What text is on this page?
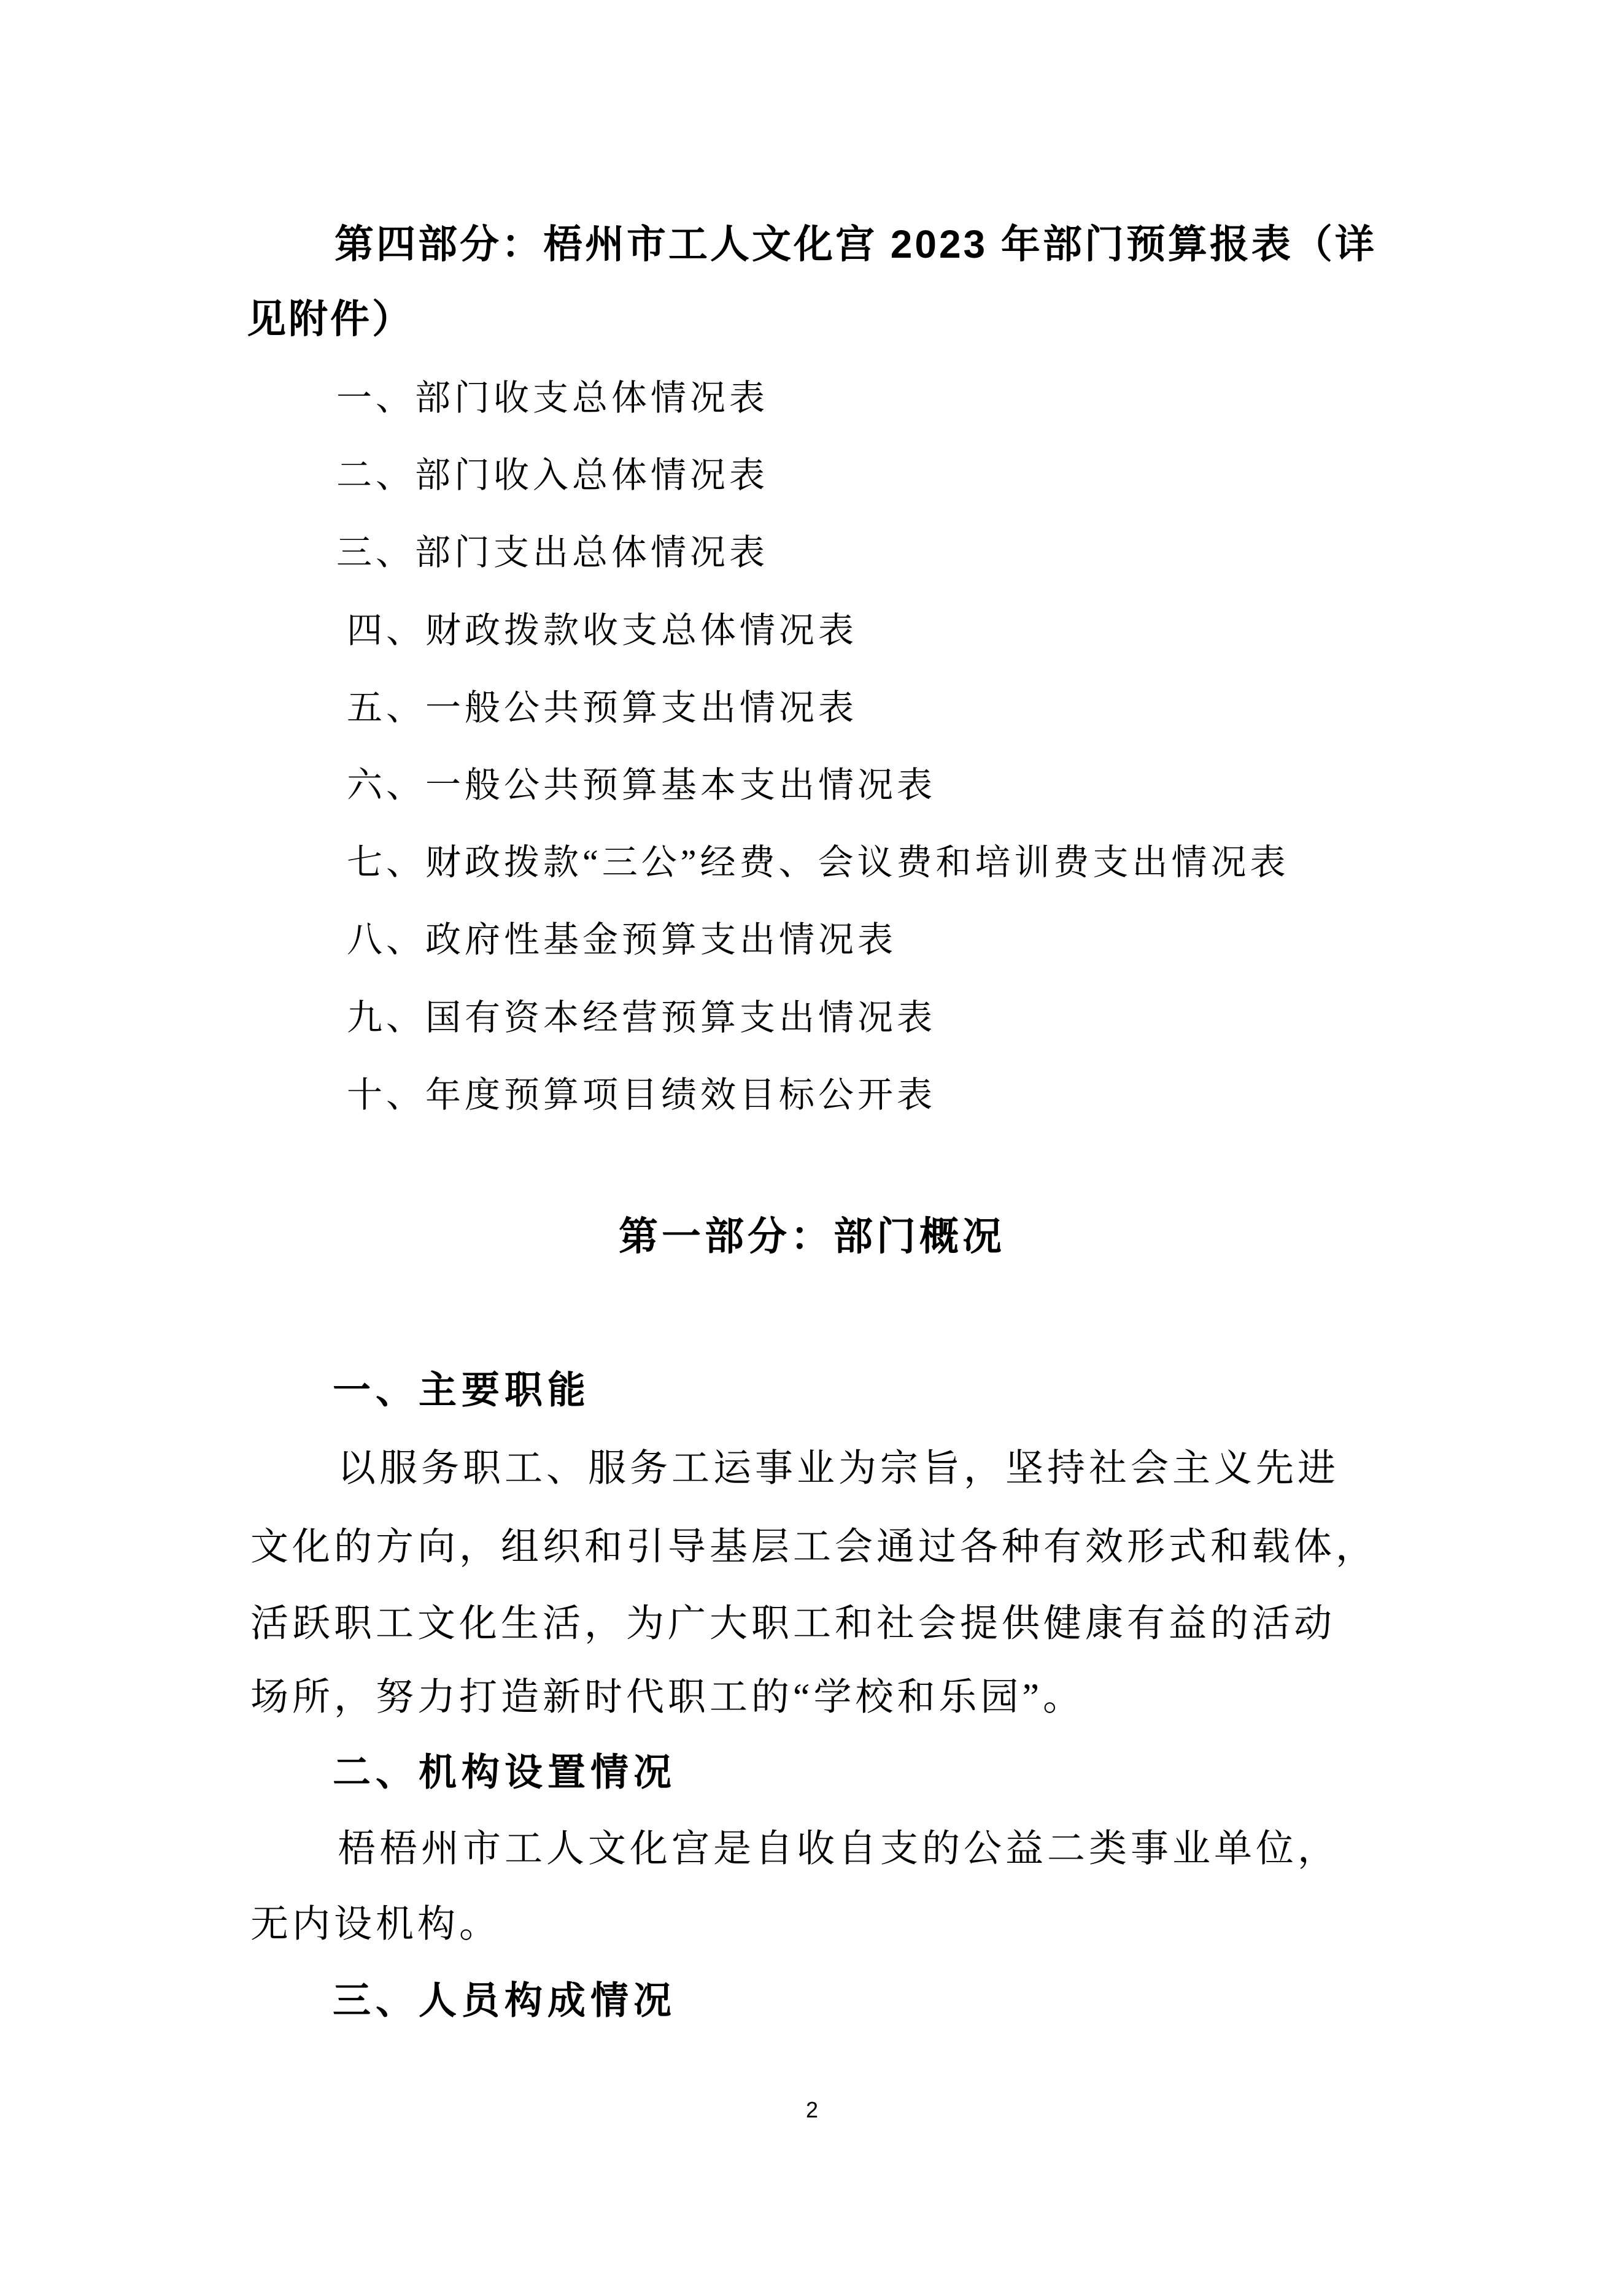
第四部分：梧州市工人文化宫 2023 年部门预算报表（详
见附件）
一、部门收支总体情况表
二、部门收入总体情况表
三、部门支出总体情况表
四、财政拨款收支总体情况表
五、一般公共预算支出情况表
六、一般公共预算基本支出情况表
七、财政拨款“三公”经费、会议费和培训费支出情况表
八、政府性基金预算支出情况表
九、国有资本经营预算支出情况表
十、年度预算项目绩效目标公开表
第一部分：部门概况
一、主要职能
以服务职工、服务工运事业为宗旨，坚持社会主义先进
文化的方向，组织和引导基层工会通过各种有效形式和载体，
活跃职工文化生活，为广大职工和社会提供健康有益的活动
场所，努力打造新时代职工的“学校和乐园”。
二、机构设置情况
梧梧州市工人文化宫是自收自支的公益二类事业单位，
无内设机构。
三、人员构成情况
2
